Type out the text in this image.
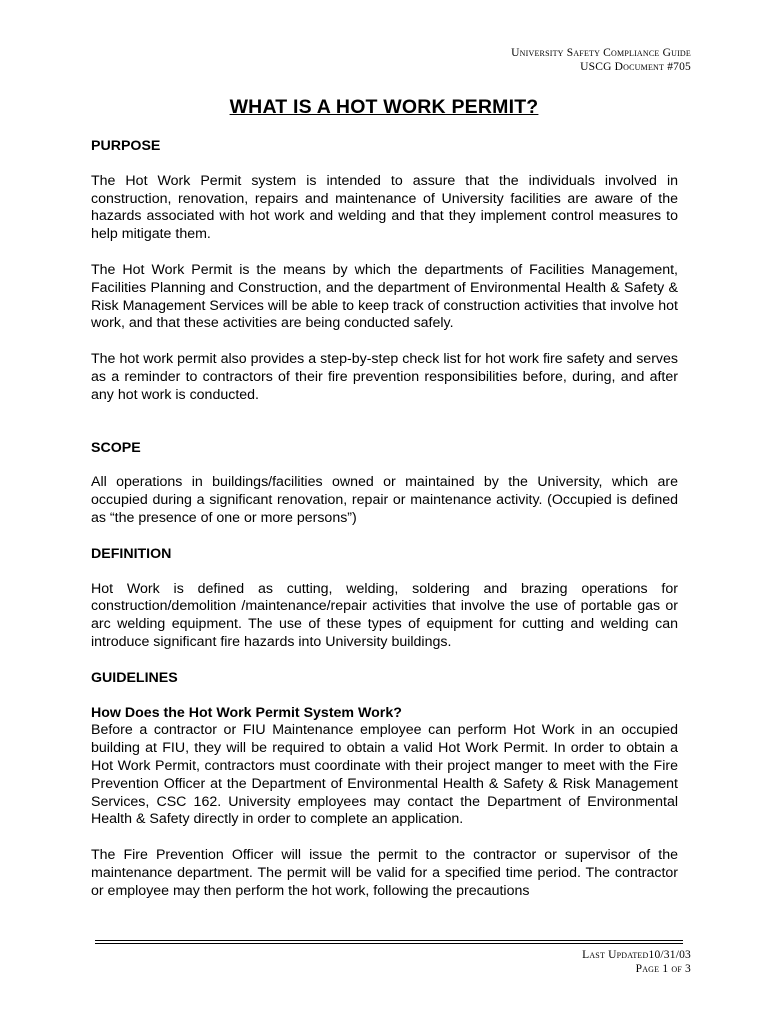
University Safety Compliance Guide
USCG Document #705
WHAT IS A HOT WORK PERMIT?
PURPOSE

The Hot Work Permit system is intended to assure that the individuals involved in construction, renovation, repairs and maintenance of University facilities are aware of the hazards associated with hot work and welding and that they implement control measures to help mitigate them.

The Hot Work Permit is the means by which the departments of Facilities Management, Facilities Planning and Construction, and the department of Environmental Health & Safety & Risk Management Services will be able to keep track of construction activities that involve hot work, and that these activities are being conducted safely.

The hot work permit also provides a step-by-step check list for hot work fire safety and serves as a reminder to contractors of their fire prevention responsibilities before, during, and after any hot work is conducted.

SCOPE

All operations in buildings/facilities owned or maintained by the University, which are occupied during a significant renovation, repair or maintenance activity. (Occupied is defined as “the presence of one or more persons”)

DEFINITION

Hot Work is defined as cutting, welding, soldering and brazing operations for construction/demolition /maintenance/repair activities that involve the use of portable gas or arc welding equipment. The use of these types of equipment for cutting and welding can introduce significant fire hazards into University buildings.

GUIDELINES
How Does the Hot Work Permit System Work?

Before a contractor or FIU Maintenance employee can perform Hot Work in an occupied building at FIU, they will be required to obtain a valid Hot Work Permit. In order to obtain a Hot Work Permit, contractors must coordinate with their project manger to meet with the Fire Prevention Officer at the Department of Environmental Health & Safety & Risk Management Services, CSC 162. University employees may contact the Department of Environmental Health & Safety directly in order to complete an application.

The Fire Prevention Officer will issue the permit to the contractor or supervisor of the maintenance department. The permit will be valid for a specified time period. The contractor or employee may then perform the hot work, following the precautions

Last Updated10/31/03
Page 1 of 3
